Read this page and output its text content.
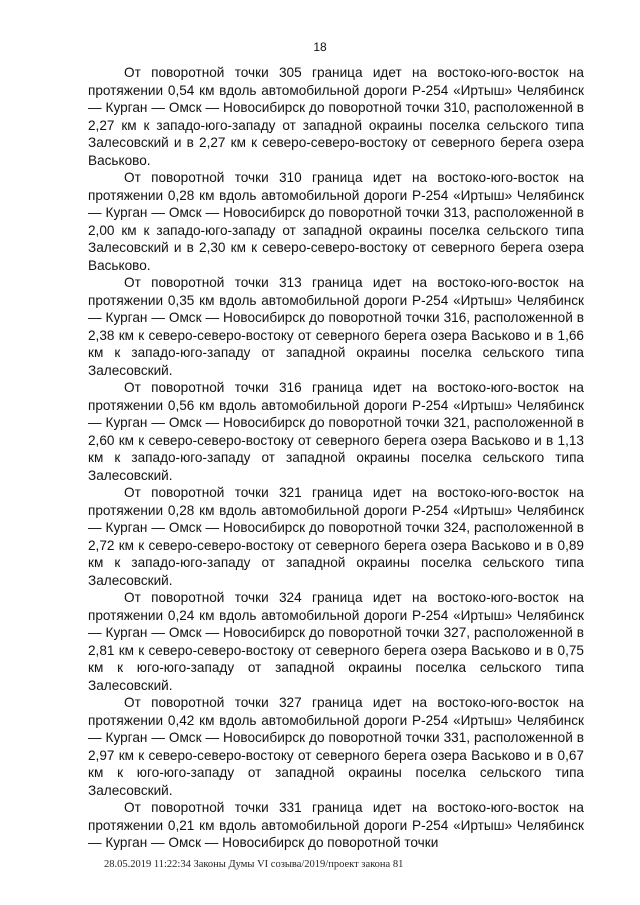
18

От поворотной точки 305 граница идет на востоко-юго-восток на протяжении 0,54 км вдоль автомобильной дороги Р-254 «Иртыш» Челябинск — Курган — Омск — Новосибирск до поворотной точки 310, расположенной в 2,27 км к западо-юго-западу от западной окраины поселка сельского типа Залесовский и в 2,27 км к северо-северо-востоку от северного берега озера Васьково.

От поворотной точки 310 граница идет на востоко-юго-восток на протяжении 0,28 км вдоль автомобильной дороги Р-254 «Иртыш» Челябинск — Курган — Омск — Новосибирск до поворотной точки 313, расположенной в 2,00 км к западо-юго-западу от западной окраины поселка сельского типа Залесовский и в 2,30 км к северо-северо-востоку от северного берега озера Васьково.

От поворотной точки 313 граница идет на востоко-юго-восток на протяжении 0,35 км вдоль автомобильной дороги Р-254 «Иртыш» Челябинск — Курган — Омск — Новосибирск до поворотной точки 316, расположенной в 2,38 км к северо-северо-востоку от северного берега озера Васьково и в 1,66 км к западо-юго-западу от западной окраины поселка сельского типа Залесовский.

От поворотной точки 316 граница идет на востоко-юго-восток на протяжении 0,56 км вдоль автомобильной дороги Р-254 «Иртыш» Челябинск — Курган — Омск — Новосибирск до поворотной точки 321, расположенной в 2,60 км к северо-северо-востоку от северного берега озера Васьково и в 1,13 км к западо-юго-западу от западной окраины поселка сельского типа Залесовский.

От поворотной точки 321 граница идет на востоко-юго-восток на протяжении 0,28 км вдоль автомобильной дороги Р-254 «Иртыш» Челябинск — Курган — Омск — Новосибирск до поворотной точки 324, расположенной в 2,72 км к северо-северо-востоку от северного берега озера Васьково и в 0,89 км к западо-юго-западу от западной окраины поселка сельского типа Залесовский.

От поворотной точки 324 граница идет на востоко-юго-восток на протяжении 0,24 км вдоль автомобильной дороги Р-254 «Иртыш» Челябинск — Курган — Омск — Новосибирск до поворотной точки 327, расположенной в 2,81 км к северо-северо-востоку от северного берега озера Васьково и в 0,75 км к юго-юго-западу от западной окраины поселка сельского типа Залесовский.

От поворотной точки 327 граница идет на востоко-юго-восток на протяжении 0,42 км вдоль автомобильной дороги Р-254 «Иртыш» Челябинск — Курган — Омск — Новосибирск до поворотной точки 331, расположенной в 2,97 км к северо-северо-востоку от северного берега озера Васьково и в 0,67 км к юго-юго-западу от западной окраины поселка сельского типа Залесовский.

От поворотной точки 331 граница идет на востоко-юго-восток на протяжении 0,21 км вдоль автомобильной дороги Р-254 «Иртыш» Челябинск — Курган — Омск — Новосибирск до поворотной точки

28.05.2019 11:22:34 Законы Думы VI созыва/2019/проект закона 81
